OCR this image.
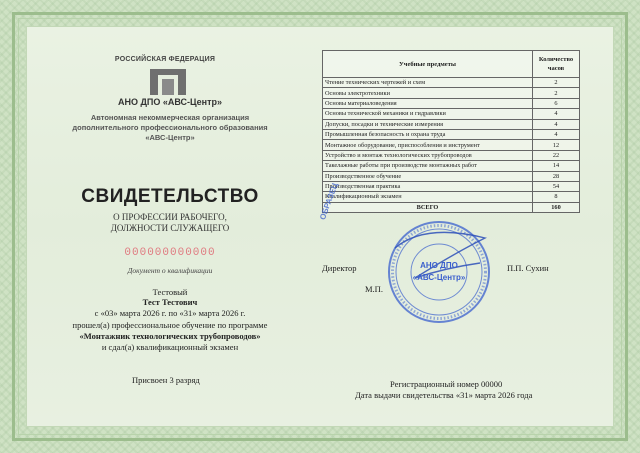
РОССИЙСКАЯ ФЕДЕРАЦИЯ
АНО ДПО «АВС-Центр»
Автономная некоммерческая организация
дополнительного профессионального образования
«АВС-Центр»
СВИДЕТЕЛЬСТВО
О ПРОФЕССИИ РАБОЧЕГО,
ДОЛЖНОСТИ СЛУЖАЩЕГО
000000000000
Документ о квалификации
Тестовый
Тест Тестович
с «03» марта 2026 г. по «31» марта 2026 г.
прошел(а) профессиональное обучение по программе
«Монтажник технологических трубопроводов»
и сдал(а) квалификационный экзамен
Присвоен 3 разряд
Учебные предметы	Количество
часов

Чтение технических чертежей и схем	2
Основы электротехники	2
Основы материаловедения	6
Основы технической механики и гидравлики	4
Допуски, посадки и технические измерения	4
Промышленная безопасность и охрана труда	4
Монтажное оборудование, приспособления и инструмент	12
Устройство и монтаж технологических трубопроводов	22
Такелажные работы при производстве монтажных работ	14
Производственное обучение	28
Производственная практика	54
Квалификационный экзамен	8
ВСЕГО	160
ОБРАЗЕЦ
АНО ДПО
«АВС-Центр»
Директор	П.П. Сухин
М.П.
Регистрационный номер 00000
Дата выдачи свидетельства «31» марта 2026 года
